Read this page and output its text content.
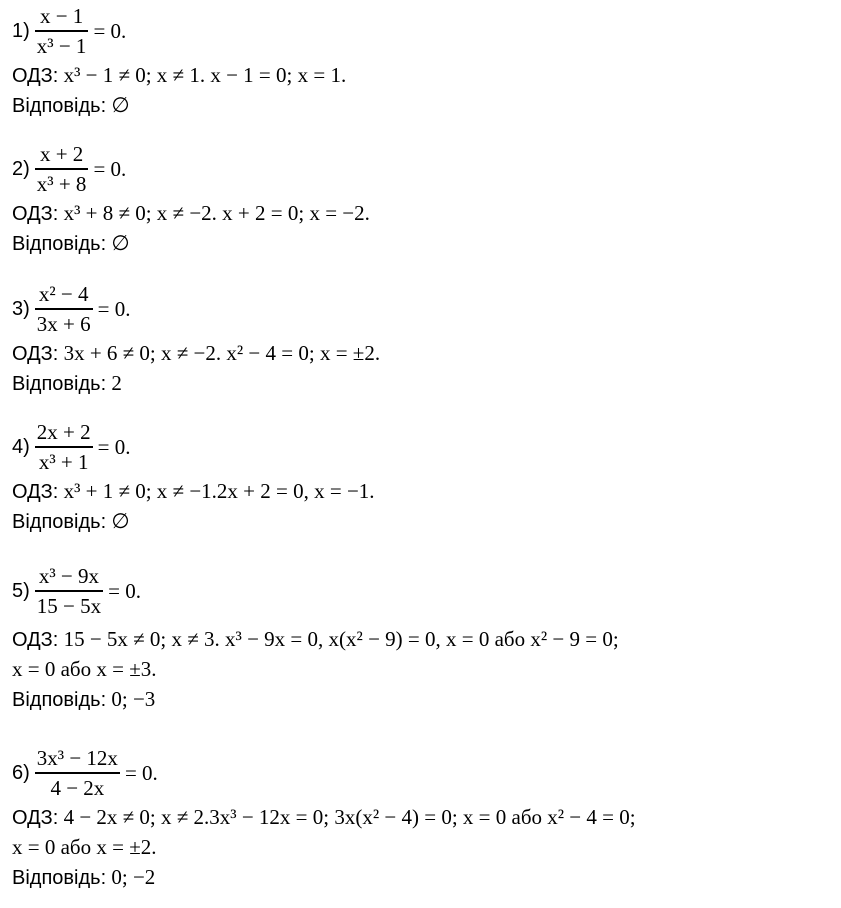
$1) \frac{x - 1}{\text{x³ − 1}} = 0$.
ОДЗ: x³ − 1 ≠ 0; x ≠ 1. x − 1 = 0; x = 1.
Відповідь: ∅
$2) \frac{x + 2}{\text{x³ + 8}} = 0$.
ОДЗ: x³ + 8 ≠ 0; x ≠ −2. x + 2 = 0; x = −2.
Відповідь: ∅
$3) \frac{\text{x² − 4}}{3x + 6} = 0$.
ОДЗ: 3x + 6 ≠ 0; x ≠ −2. x² − 4 = 0; x = ±2.
Відповідь: 2
$4) \frac{2x + 2}{\text{x³ + 1}} = 0$.
ОДЗ: x³ + 1 ≠ 0; x ≠ −1.2x + 2 = 0, x = −1.
Відповідь: ∅
$5) \frac{\text{x³ − 9x}}{15 - 5x} = 0$.
ОДЗ: 15 − 5x ≠ 0; x ≠ 3. x³ − 9x = 0, x(x² − 9) = 0, x = 0 або x² − 9 = 0;
x = 0 або x = ±3.
Відповідь: 0; −3
$6) \frac{\text{3x³ − 12x}}{4 - 2x} = 0$.
ОДЗ: 4 − 2x ≠ 0; x ≠ 2.3x³ − 12x = 0; 3x(x² − 4) = 0; x = 0 або x² − 4 = 0;
x = 0 або x = ±2.
Відповідь: 0; −2
